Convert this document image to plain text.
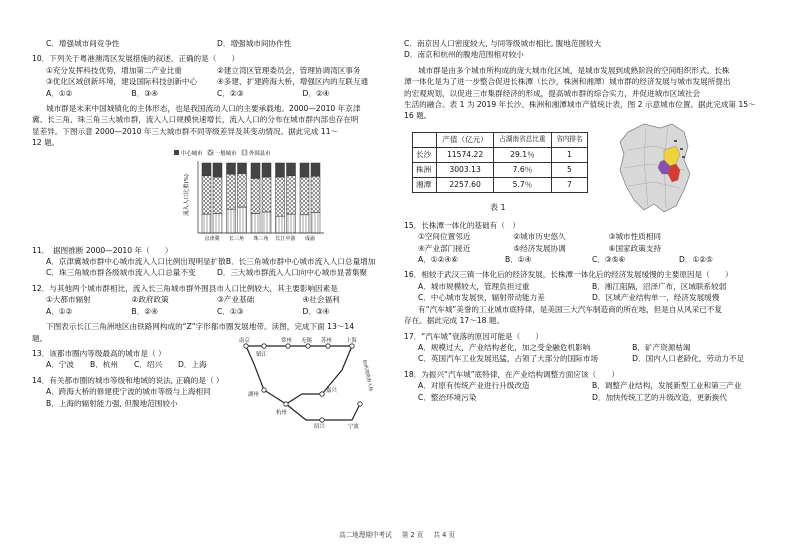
C．增强城市间竞争性	D．增强城市间协作性
10．下列关于粤港澳湾区发展措施的叙述，正确的是（　　）
①充分发挥科技优势，增加第二产业比重	②建立湾区管理委员会，管理协调湾区事务
③优化区域创新环境，建设国际科技创新中心	④多建、扩建跨海大桥，增强区内的互联互通
A．①②	B．③④	C．②③	D．②④
城市群是未来中国城镇化的主体形态，也是我国流动人口的主要承载地。2000—2010 年京津
冀、长三角、珠三角三大城市群，流入人口规模快速增长，流入人口的分布在城市群内部也存在明
显差异。下图示意 2000—2010 年三大城市群不同等级差异及其变动情况。据此完成 11～
12 题。
中心城市 一般城市 外围县市
流入人口比重(%)
京津冀 长三角 珠三角 长江中游 成渝
11．　据图推断 2000—2010 年（　　）
A．京津冀城市群中心城市流入人口比例出现明显扩散 B．长三角城市群中心城市流入人口总量增加
C．珠三角城市群各级城市流入人口总量不变	D．三大城市群流入人口向中心城市显著集聚
12．与其他两个城市群相比，流入长三角城市群外围县市人口比例较大，其主要影响因素是
①大都市辐射	②政府政策	③产业基础	④社会福利
A．①②	B．②④	C．①③	D．③④
下图表示长江三角洲地区由铁路网构成的“Z”字形都市圈发展地带。读图，完成下面 13～14
题。
13．该都市圈内等级最高的城市是（ ）
A．宁波	B．杭州	C．绍兴	D．上海
14．有关都市圈的城市等级和地域的说法, 正确的是（ ）
A．跨海大桥的修建使宁波的城市等级与上海相同
B．上海的辐射能力强, 但腹地范围较小
南京
镇江
常州 无锡 苏州	上海
嘉兴
湖州
杭州
绍兴	宁波
杭州湾跨海大桥
C．南京因人口密度较大, 与同等级城市相比, 腹地范围较大
D．南京和杭州的腹地范围相对较小
城市群是由多个城市所构成的庞大城市化区域，是城市发展到成熟阶段的空间组织形式。长株
潭一体化是为了进一步整合促进长株潭（长沙，株洲和湘潭）城市群的经济发展与城市发展所提出
的宏观规划，以促进三市集群经济的形成，提高城市群的综合实力，并促进城市区域社会
生活的融合。表 1 为 2019 年长沙、株洲和湘潭城市产值统计表，图 2 示意城市位置。据此完成第 15～
16 题。
	产值（亿元）	占湖南省总比重	省内排名
长沙	11574.22	29.1％	1
株洲	3003.13	7.6％	5
湘潭	2257.60	5.7％	7
表 1
15．长株潭一体化的基础有（　）
①空间位置邻近	②城市历史悠久	③城市性质相同
④产业部门接近	⑤经济发展协调	⑥国家政策支持
A．①②④⑥	B．①④	C．③⑤⑥	D．①②⑤
16．相较于武汉三镇一体化后的经济发展，长株潭一体化后的经济发展缓慢的主要原因是（　　）
A．城市规模较大，管理负担过重	B．湘江阻隔，沼泽广布，区域联系较弱
C．中心城市发展快，辐射带动能力差	D．区域产业结构单一，经济发展缓慢
有“汽车城”美誉的工业城市底特律，是美国三大汽车制造商的所在地，但是自从风采已不复
存在。据此完成 17～18 题。
17．“汽车城”衰落的原因可能是（　　）
A．规模过大，产业结构老化，加之受金融危机影响	B．矿产资源枯竭
C．英国汽车工业发展迅猛，占领了大部分的国际市场	D．国内人口老龄化，劳动力不足
18．为振兴“汽车城”底特律，在产业结构调整方面应该（　　）
A．对原有传统产业进行升级改造	B．调整产业结构，发展新型工业和第三产业
C．整治环境污染	D．加快传统工艺的升级改造，更新换代
高二地理期中考试 第 2 页 共 4 页
